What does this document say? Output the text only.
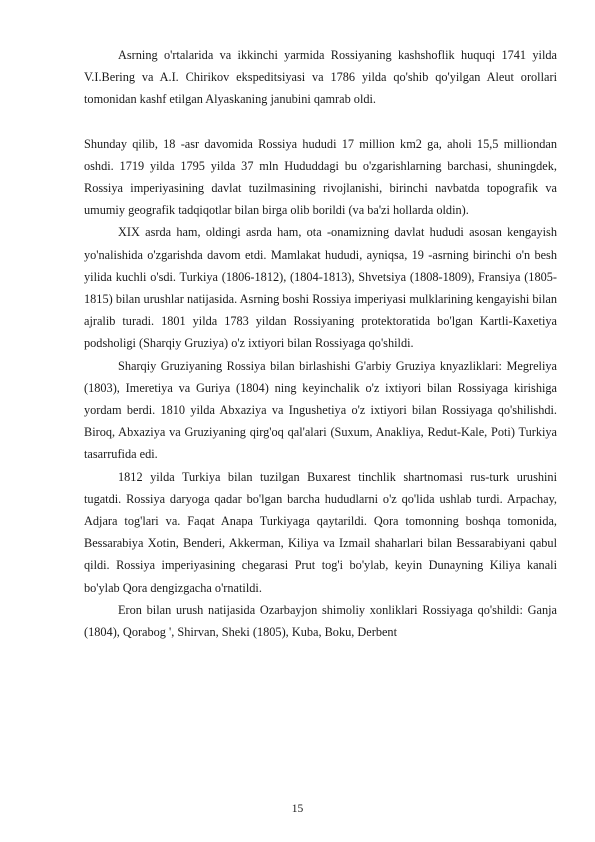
Asrning o'rtalarida va ikkinchi yarmida Rossiyaning kashshoflik huquqi 1741 yilda V.I.Bering va A.I. Chirikov ekspeditsiyasi va 1786 yilda qo'shib qo'yilgan Aleut orollari tomonidan kashf etilgan Alyaskaning janubini qamrab oldi.

Shunday qilib, 18 -asr davomida Rossiya hududi 17 million km2 ga, aholi 15,5 milliondan oshdi. 1719 yilda 1795 yilda 37 mln Hududdagi bu o'zgarishlarning barchasi, shuningdek, Rossiya imperiyasining davlat tuzilmasining rivojlanishi, birinchi navbatda topografik va umumiy geografik tadqiqotlar bilan birga olib borildi (va ba'zi hollarda oldin).

XIX asrda ham, oldingi asrda ham, ota -onamizning davlat hududi asosan kengayish yo'nalishida o'zgarishda davom etdi. Mamlakat hududi, ayniqsa, 19 -asrning birinchi o'n besh yilida kuchli o'sdi. Turkiya (1806-1812), (1804-1813), Shvetsiya (1808-1809), Fransiya (1805-1815) bilan urushlar natijasida. Asrning boshi Rossiya imperiyasi mulklarining kengayishi bilan ajralib turadi. 1801 yilda 1783 yildan Rossiyaning protektoratida bo'lgan Kartli-Kaxetiya podsholigi (Sharqiy Gruziya) o'z ixtiyori bilan Rossiyaga qo'shildi.

Sharqiy Gruziyaning Rossiya bilan birlashishi G'arbiy Gruziya knyazliklari: Megreliya (1803), Imeretiya va Guriya (1804) ning keyinchalik o'z ixtiyori bilan Rossiyaga kirishiga yordam berdi. 1810 yilda Abxaziya va Ingushetiya o'z ixtiyori bilan Rossiyaga qo'shilishdi. Biroq, Abxaziya va Gruziyaning qirg'oq qal'alari (Suxum, Anakliya, Redut-Kale, Poti) Turkiya tasarrufida edi.

1812 yilda Turkiya bilan tuzilgan Buxarest tinchlik shartnomasi rus-turk urushini tugatdi. Rossiya daryoga qadar bo'lgan barcha hududlarni o'z qo'lida ushlab turdi. Arpachay, Adjara tog'lari va. Faqat Anapa Turkiyaga qaytarildi. Qora tomonning boshqa tomonida, Bessarabiya Xotin, Benderi, Akkerman, Kiliya va Izmail shaharlari bilan Bessarabiyani qabul qildi. Rossiya imperiyasining chegarasi Prut tog'i bo'ylab, keyin Dunayning Kiliya kanali bo'ylab Qora dengizgacha o'rnatildi.

Eron bilan urush natijasida Ozarbayjon shimoliy xonliklari Rossiyaga qo'shildi: Ganja (1804), Qorabog ', Shirvan, Sheki (1805), Kuba, Boku, Derbent

15
